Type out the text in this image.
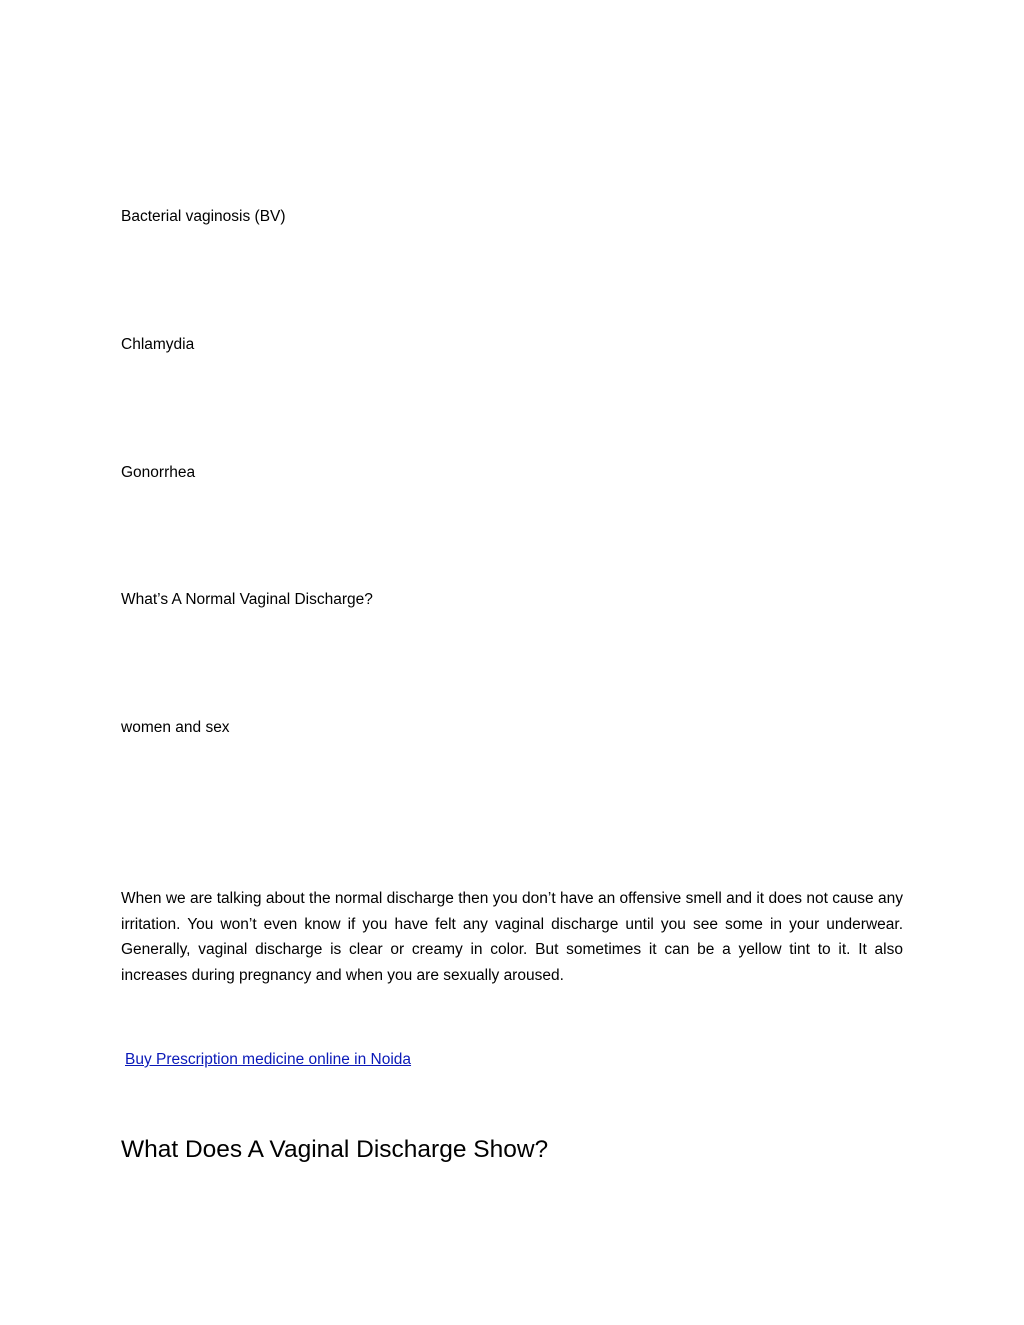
Bacterial vaginosis (BV)
Chlamydia
Gonorrhea
What’s A Normal Vaginal Discharge?
women and sex

When we are talking about the normal discharge then you don’t have an offensive smell and it does not cause any irritation. You won’t even know if you have felt any vaginal discharge until you see some in your underwear. Generally, vaginal discharge is clear or creamy in color. But sometimes it can be a yellow tint to it. It also increases during pregnancy and when you are sexually aroused.

Buy Prescription medicine online in Noida
What Does A Vaginal Discharge Show?
